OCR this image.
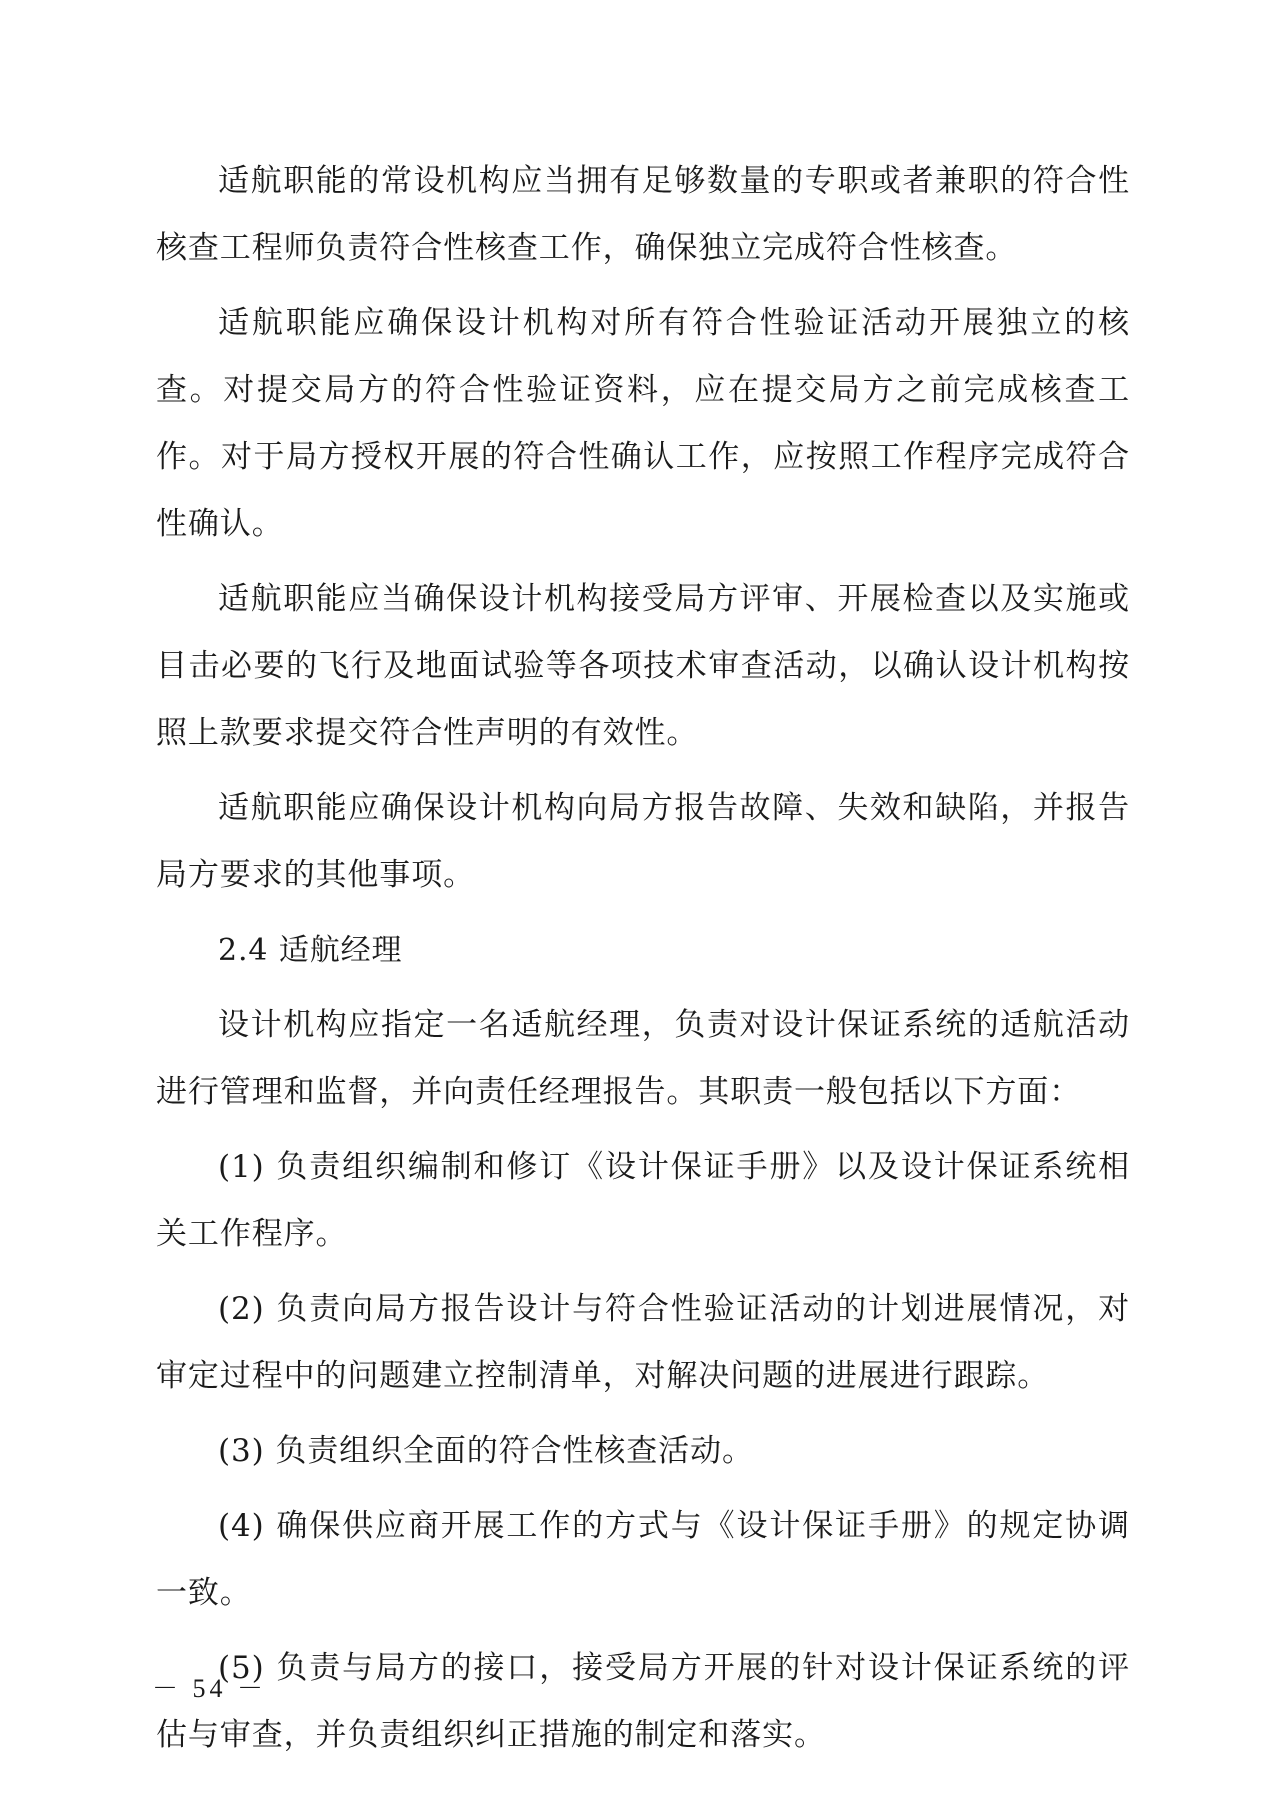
适航职能的常设机构应当拥有足够数量的专职或者兼职的符合性核查工程师负责符合性核查工作，确保独立完成符合性核查。

适航职能应确保设计机构对所有符合性验证活动开展独立的核查。对提交局方的符合性验证资料，应在提交局方之前完成核查工作。对于局方授权开展的符合性确认工作，应按照工作程序完成符合性确认。

适航职能应当确保设计机构接受局方评审、开展检查以及实施或目击必要的飞行及地面试验等各项技术审查活动，以确认设计机构按照上款要求提交符合性声明的有效性。

适航职能应确保设计机构向局方报告故障、失效和缺陷，并报告局方要求的其他事项。

2.4 适航经理

设计机构应指定一名适航经理，负责对设计保证系统的适航活动进行管理和监督，并向责任经理报告。其职责一般包括以下方面：

(1) 负责组织编制和修订《设计保证手册》以及设计保证系统相关工作程序。

(2) 负责向局方报告设计与符合性验证活动的计划进展情况，对审定过程中的问题建立控制清单，对解决问题的进展进行跟踪。

(3) 负责组织全面的符合性核查活动。

(4) 确保供应商开展工作的方式与《设计保证手册》的规定协调一致。

(5) 负责与局方的接口，接受局方开展的针对设计保证系统的评估与审查，并负责组织纠正措施的制定和落实。

－ 54 －
